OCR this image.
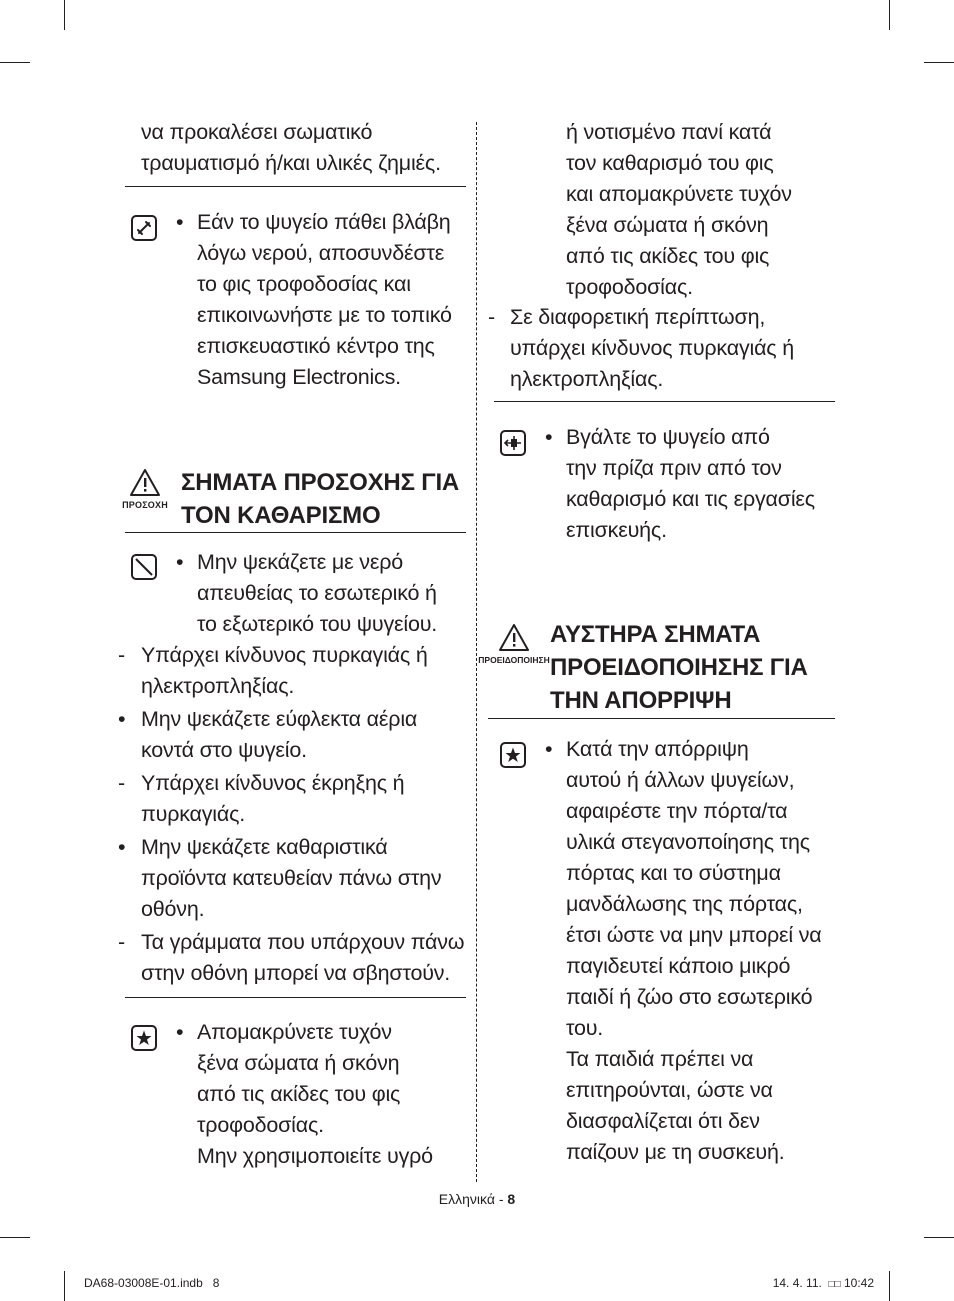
να προκαλέσει σωματικό
τραυματισμό ή/και υλικές ζημιές.
• Εάν το ψυγείο πάθει βλάβη
λόγω νερού, αποσυνδέστε
το φις τροφοδοσίας και
επικοινωνήστε με το τοπικό
επισκευαστικό κέντρο της
Samsung Electronics.
ΠΡΟΣΟΧΗ
ΣΗΜΑΤΑ ΠΡΟΣΟΧΗΣ ΓΙΑ
ΤΟΝ ΚΑΘΑΡΙΣΜΟ
• Μην ψεκάζετε με νερό
απευθείας το εσωτερικό ή
το εξωτερικό του ψυγείου.
- Υπάρχει κίνδυνος πυρκαγιάς ή
ηλεκτροπληξίας.
• Μην ψεκάζετε εύφλεκτα αέρια
κοντά στο ψυγείο.
- Υπάρχει κίνδυνος έκρηξης ή
πυρκαγιάς.
• Μην ψεκάζετε καθαριστικά
προϊόντα κατευθείαν πάνω στην
οθόνη.
- Τα γράμματα που υπάρχουν πάνω
στην οθόνη μπορεί να σβηστούν.
• Απομακρύνετε τυχόν
ξένα σώματα ή σκόνη
από τις ακίδες του φις
τροφοδοσίας.
Μην χρησιμοποιείτε υγρό
ή νοτισμένο πανί κατά
τον καθαρισμό του φις
και απομακρύνετε τυχόν
ξένα σώματα ή σκόνη
από τις ακίδες του φις
τροφοδοσίας.
- Σε διαφορετική περίπτωση,
υπάρχει κίνδυνος πυρκαγιάς ή
ηλεκτροπληξίας.
• Βγάλτε το ψυγείο από
την πρίζα πριν από τον
καθαρισμό και τις εργασίες
επισκευής.
ΠΡΟΕΙΔΟΠΟΙΗΣΗ
ΑΥΣΤΗΡΑ ΣΗΜΑΤΑ
ΠΡΟΕΙΔΟΠΟΙΗΣΗΣ ΓΙΑ
ΤΗΝ ΑΠΟΡΡΙΨΗ
• Κατά την απόρριψη
αυτού ή άλλων ψυγείων,
αφαιρέστε την πόρτα/τα
υλικά στεγανοποίησης της
πόρτας και το σύστημα
μανδάλωσης της πόρτας,
έτσι ώστε να μην μπορεί να
παγιδευτεί κάποιο μικρό
παιδί ή ζώο στο εσωτερικό
του.
Τα παιδιά πρέπει να
επιτηρούνται, ώστε να
διασφαλίζεται ότι δεν
παίζουν με τη συσκευή.
Ελληνικά - 8
DA68-03008E-01.indb 8	14. 4. 11. □□ 10:42
